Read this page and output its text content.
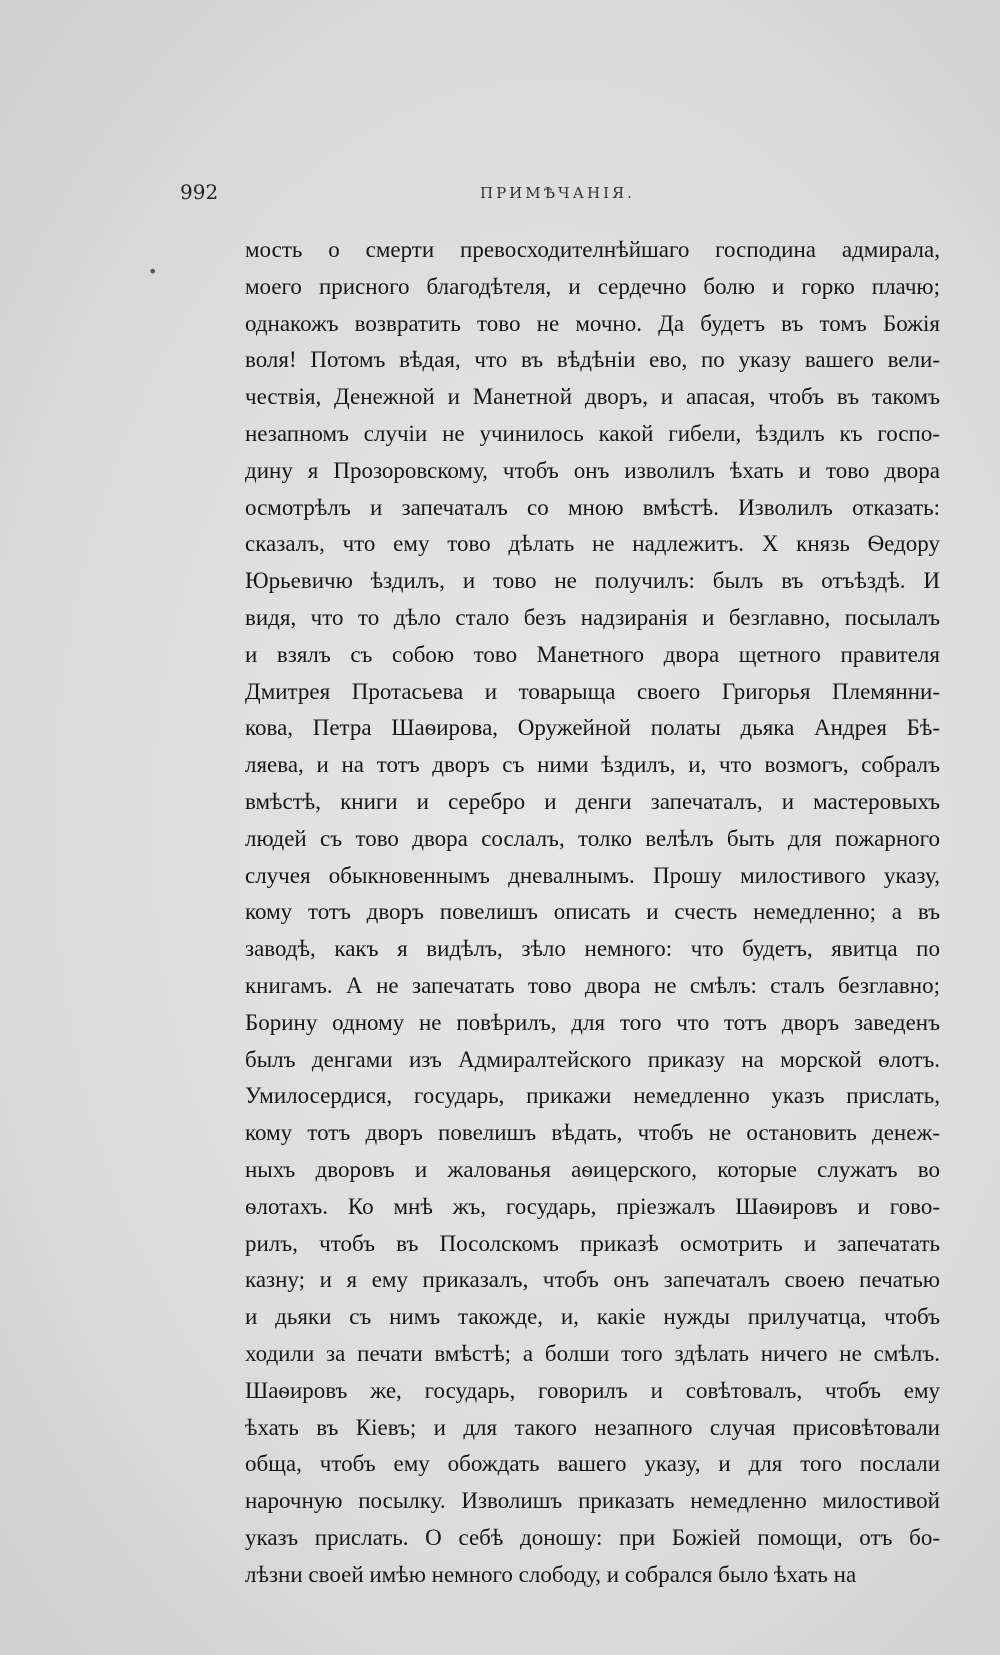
992	ПРИМѢЧАНІЯ.
•
мость о смерти превосходителнѣйшаго господина адмирала,
моего присного благодѣтеля, и сердечно болю и горко плачю;
однакожъ возвратить тово не мочно. Да будетъ въ томъ Божія
воля! Потомъ вѣдая, что въ вѣдѣніи ево, по указу вашего вели-
чествія, Денежной и Манетной дворъ, и апасая, чтобъ въ такомъ
незапномъ случіи не учинилось какой гибели, ѣздилъ къ госпо-
дину я Прозоровскому, чтобъ онъ изволилъ ѣхать и тово двора
осмотрѣлъ и запечаталъ со мною вмѣстѣ. Изволилъ отказать:
сказалъ, что ему тово дѣлать не надлежитъ. Х князь Ѳедору
Юрьевичю ѣздилъ, и тово не получилъ: былъ въ отъѣздѣ. И
видя, что то дѣло стало безъ надзиранія и безглавно, посылалъ
и взялъ съ собою тово Манетного двора щетного правителя
Дмитрея Протасьева и товарыща своего Григорья Племянни-
кова, Петра Шаѳирова, Оружейной полаты дьяка Андрея Бѣ-
ляева, и на тотъ дворъ съ ними ѣздилъ, и, что возмогъ, собралъ
вмѣстѣ, книги и серебро и денги запечаталъ, и мастеровыхъ
людей съ тово двора сослалъ, толко велѣлъ быть для пожарного
случея обыкновеннымъ дневалнымъ. Прошу милостивого указу,
кому тотъ дворъ повелишъ описать и счесть немедленно; а въ
заводѣ, какъ я видѣлъ, зѣло немного: что будетъ, явитца по
книгамъ. А не запечатать тово двора не смѣлъ: сталъ безглавно;
Борину одному не повѣрилъ, для того что тотъ дворъ заведенъ
былъ денгами изъ Адмиралтейского приказу на морской ѳлотъ.
Умилосердися, государь, прикажи немедленно указъ прислать,
кому тотъ дворъ повелишъ вѣдать, чтобъ не остановить денеж-
ныхъ дворовъ и жалованья аѳицерского, которые служатъ во
ѳлотахъ. Ко мнѣ жъ, государь, пріезжалъ Шаѳировъ и гово-
рилъ, чтобъ въ Посолскомъ приказѣ осмотрить и запечатать
казну; и я ему приказалъ, чтобъ онъ запечаталъ своею печатью
и дьяки съ нимъ такожде, и, какіе нужды прилучатца, чтобъ
ходили за печати вмѣстѣ; а болши того здѣлать ничего не смѣлъ.
Шаѳировъ же, государь, говорилъ и совѣтовалъ, чтобъ ему
ѣхать въ Кіевъ; и для такого незапного случая присовѣтовали
обща, чтобъ ему обождать вашего указу, и для того послали
нарочную посылку. Изволишъ приказать немедленно милостивой
указъ прислать. О себѣ доношу: при Божіей помощи, отъ бо-
лѣзни своей имѣю немного слободу, и собрался было ѣхать на
